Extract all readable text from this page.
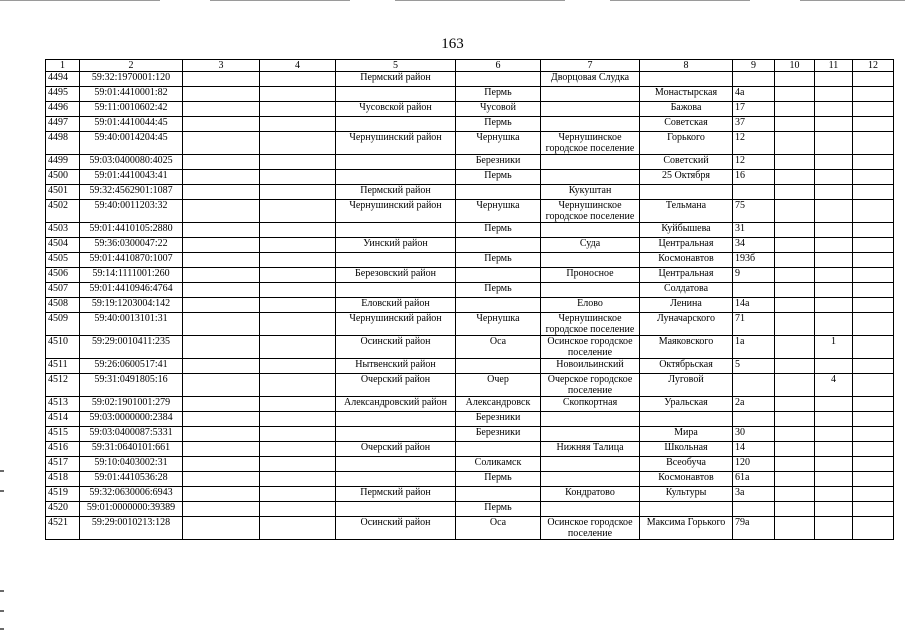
163
1	2	3	4	5	6	7	8	9	10	11	12
4494	59:32:1970001:120			Пермский район		Дворцовая Слудка					
4495	59:01:4410001:82				Пермь		Монастырская	4а			
4496	59:11:0010602:42			Чусовской район	Чусовой		Бажова	17			
4497	59:01:4410044:45				Пермь		Советская	37			
4498	59:40:0014204:45			Чернушинский район	Чернушка	Чернушинское городское поселение	Горького	12			
4499	59:03:0400080:4025				Березники		Советский	12			
4500	59:01:4410043:41				Пермь		25 Октября	16			
4501	59:32:4562901:1087			Пермский район		Кукуштан					
4502	59:40:0011203:32			Чернушинский район	Чернушка	Чернушинское городское поселение	Тельмана	75			
4503	59:01:4410105:2880				Пермь		Куйбышева	31			
4504	59:36:0300047:22			Уинский район		Суда	Центральная	34			
4505	59:01:4410870:1007				Пермь		Космонавтов	193б			
4506	59:14:1111001:260			Березовский район		Проносное	Центральная	9			
4507	59:01:4410946:4764				Пермь		Солдатова				
4508	59:19:1203004:142			Еловский район		Елово	Ленина	14а			
4509	59:40:0013101:31			Чернушинский район	Чернушка	Чернушинское городское поселение	Луначарского	71			
4510	59:29:0010411:235			Осинский район	Оса	Осинское городское поселение	Маяковского	1а		1	
4511	59:26:0600517:41			Нытвенский район		Новоильинский	Октябрьская	5			
4512	59:31:0491805:16			Очерский район	Очер	Очерское городское поселение	Луговой			4	
4513	59:02:1901001:279			Александровский район	Александровск	Скопкортная	Уральская	2а			
4514	59:03:0000000:2384				Березники						
4515	59:03:0400087:5331				Березники		Мира	30			
4516	59:31:0640101:661			Очерский район		Нижняя Талица	Школьная	14			
4517	59:10:0403002:31				Соликамск		Всеобуча	120			
4518	59:01:4410536:28				Пермь		Космонавтов	61а			
4519	59:32:0630006:6943			Пермский район		Кондратово	Культуры	3а			
4520	59:01:0000000:39389				Пермь						
4521	59:29:0010213:128			Осинский район	Оса	Осинское городское поселение	Максима Горького	79а			
